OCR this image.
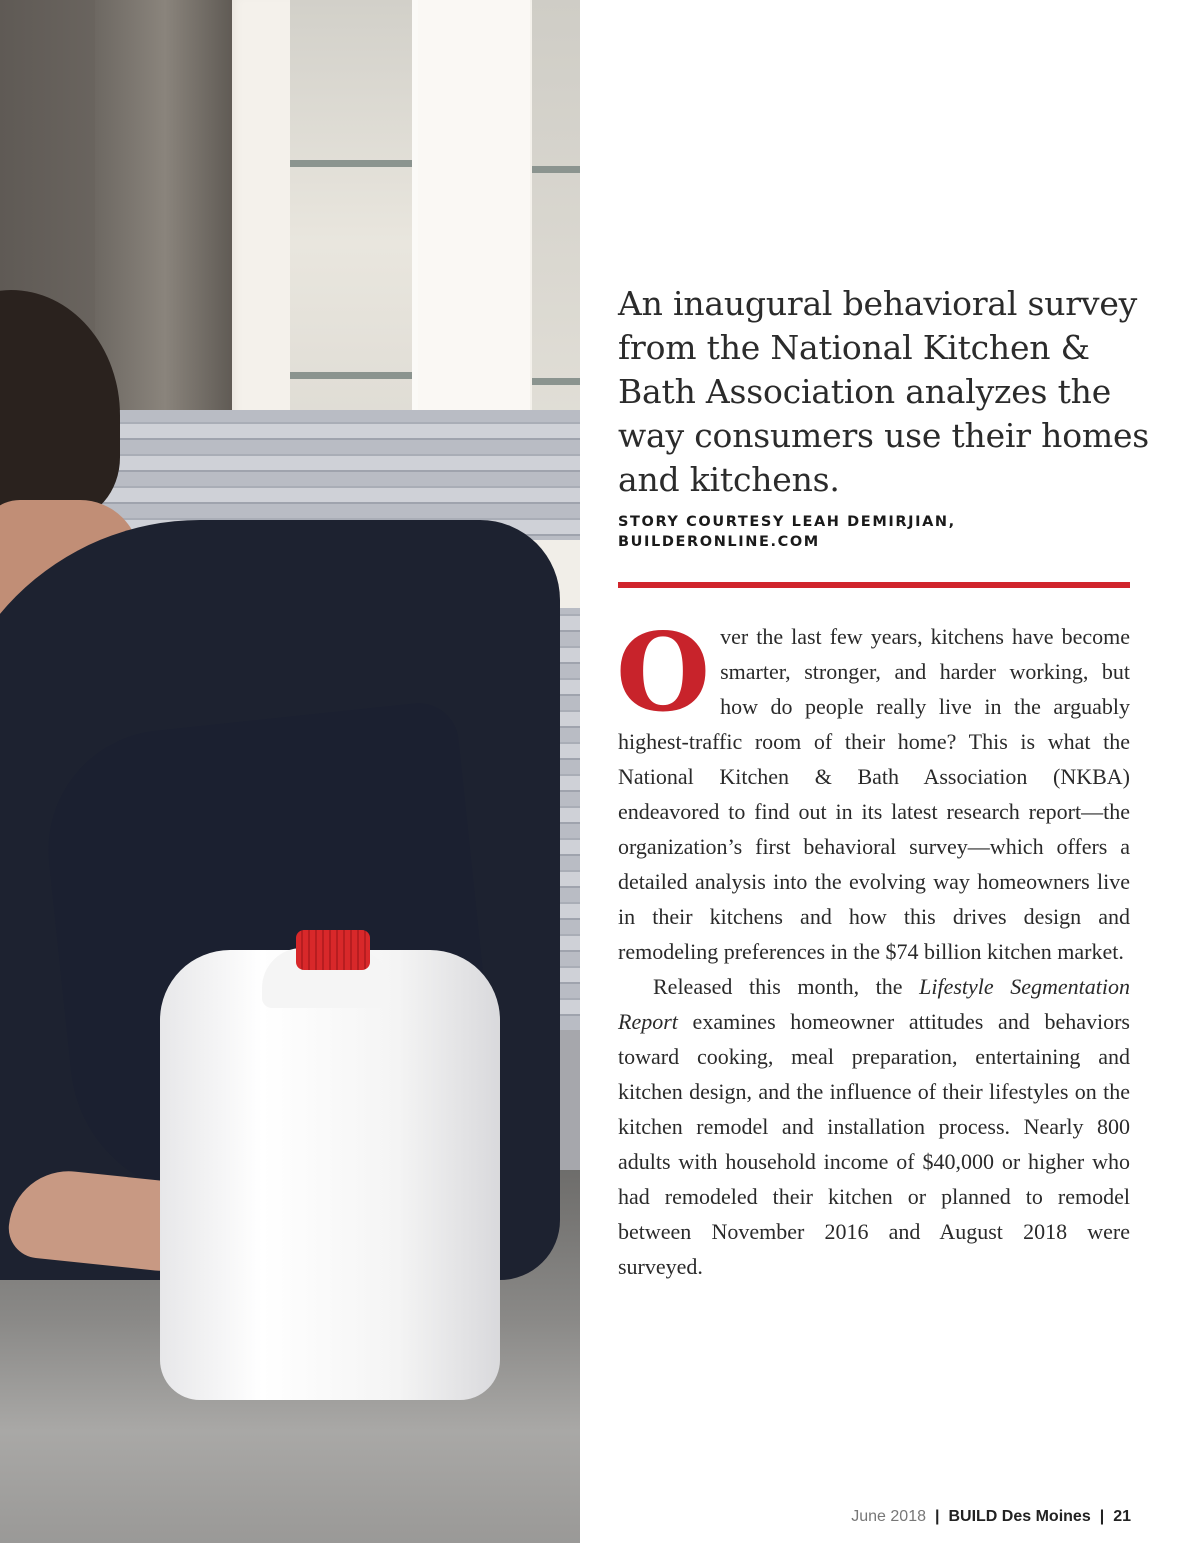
An inaugural behavioral survey from the National Kitchen & Bath Association analyzes the way consumers use their homes and kitchens.

STORY COURTESY LEAH DEMIRJIAN,
BUILDERONLINE.COM

Over the last few years, kitchens have become smarter, stronger, and harder working, but how do people really live in the arguably highest-traffic room of their home? This is what the National Kitchen & Bath Association (NKBA) endeavored to find out in its latest research report—the organization’s first behavioral survey—which offers a detailed analysis into the evolving way homeowners live in their kitchens and how this drives design and remodeling preferences in the $74 billion kitchen market.

Released this month, the Lifestyle Segmentation Report examines homeowner attitudes and behaviors toward cooking, meal preparation, entertaining and kitchen design, and the influence of their lifestyles on the kitchen remodel and installation process. Nearly 800 adults with household income of $40,000 or higher who had remodeled their kitchen or planned to remodel between November 2016 and August 2018 were surveyed.

June 2018 | BUILD Des Moines | 21
